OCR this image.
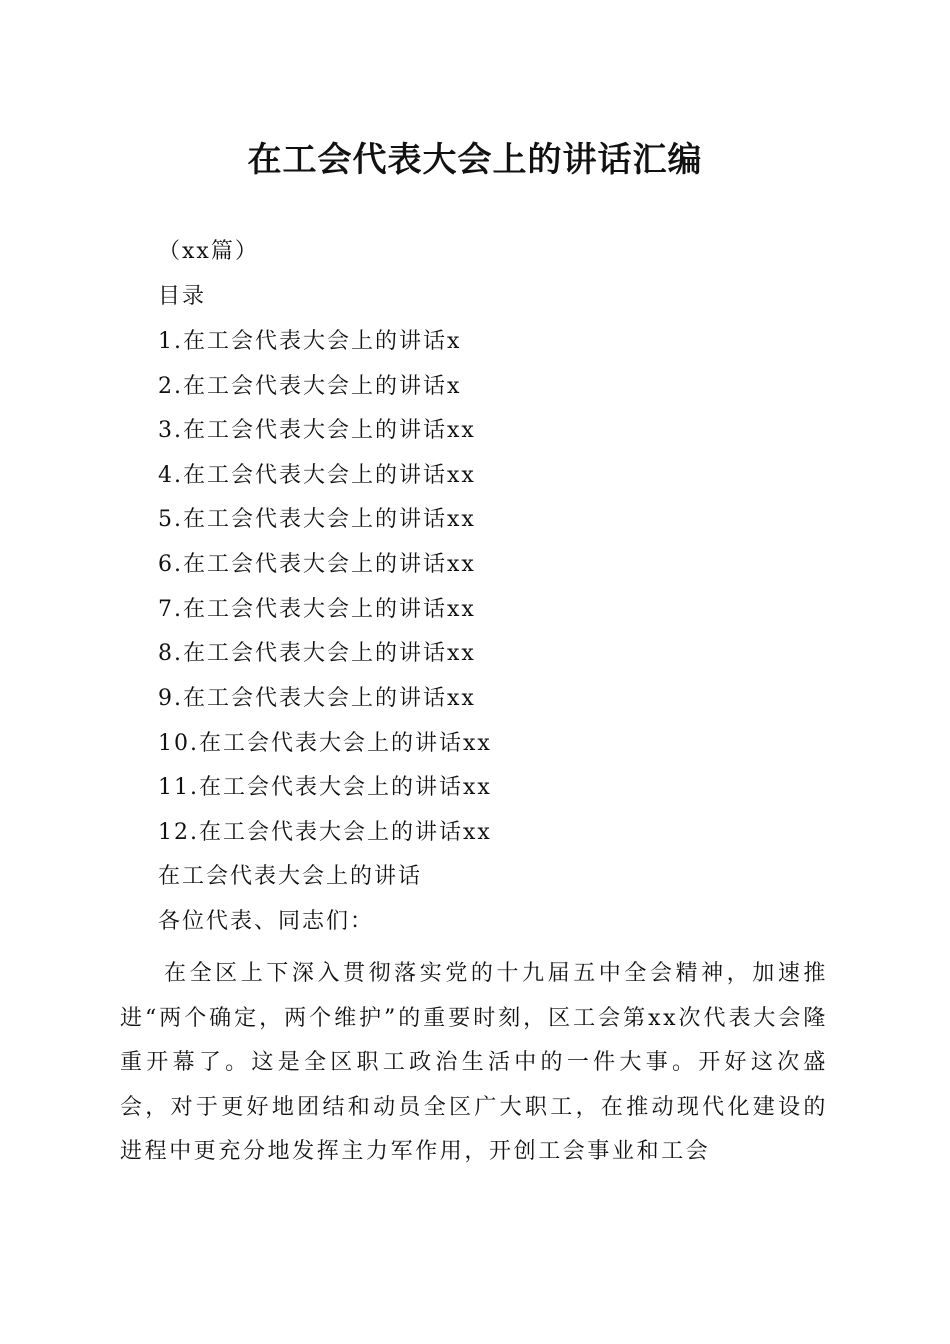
在工会代表大会上的讲话汇编
（xx篇）
目录
1.在工会代表大会上的讲话x
2.在工会代表大会上的讲话x
3.在工会代表大会上的讲话xx
4.在工会代表大会上的讲话xx
5.在工会代表大会上的讲话xx
6.在工会代表大会上的讲话xx
7.在工会代表大会上的讲话xx
8.在工会代表大会上的讲话xx
9.在工会代表大会上的讲话xx
10.在工会代表大会上的讲话xx
11.在工会代表大会上的讲话xx
12.在工会代表大会上的讲话xx
在工会代表大会上的讲话
各位代表、同志们：
在全区上下深入贯彻落实党的十九届五中全会精神，加速推进“两个确定，两个维护”的重要时刻，区工会第xx次代表大会隆重开幕了。这是全区职工政治生活中的一件大事。开好这次盛会，对于更好地团结和动员全区广大职工，在推动现代化建设的进程中更充分地发挥主力军作用，开创工会事业和工会
